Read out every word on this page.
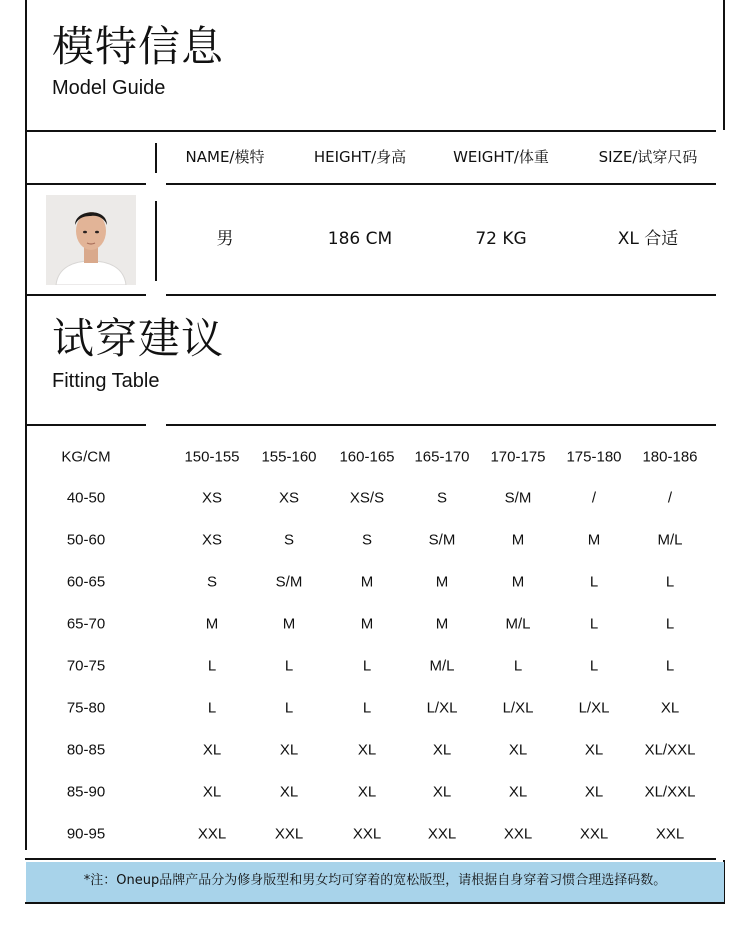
模特信息
Model Guide
NAME/模特	HEIGHT/身高	WEIGHT/体重	SIZE/试穿尺码
男	186 CM	72 KG	XL 合适
试穿建议
Fitting Table
KG/CM	150-155 155-160 160-165 165-170 170-175 175-180 180-186
40-50	XS	XS	XS/S	S	S/M	/	/
50-60	XS	S	S	S/M	M	M	M/L
60-65	S	S/M	M	M	M	L	L
65-70	M	M	M	M	M/L	L	L
70-75	L	L	L	M/L	L	L	L
75-80	L	L	L	L/XL	L/XL	L/XL	XL
80-85	XL	XL	XL	XL	XL	XL	XL/XXL
85-90	XL	XL	XL	XL	XL	XL	XL/XXL
90-95	XXL	XXL	XXL	XXL	XXL	XXL	XXL
*注：Oneup品牌产品分为修身版型和男女均可穿着的宽松版型，请根据自身穿着习惯合理选择码数。
